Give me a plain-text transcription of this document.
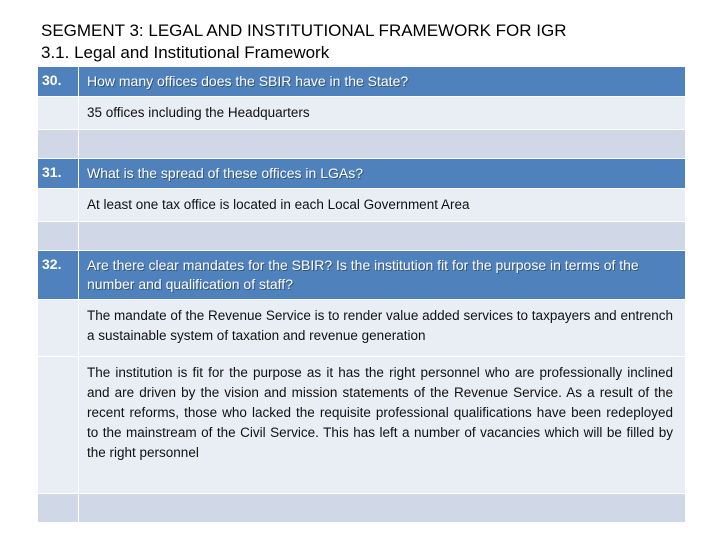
SEGMENT 3: LEGAL AND INSTITUTIONAL FRAMEWORK FOR IGR
3.1. Legal and Institutional Framework
30.	How many offices does the SBIR have in the State?
	35 offices including the Headquarters

31.	What is the spread of these offices in LGAs?
	At least one tax office is located in each Local Government Area

32.	Are there clear mandates for the SBIR? Is the institution fit for the purpose in terms of the number and qualification of staff?
	The mandate of the Revenue Service is to render value added services to taxpayers and entrench a sustainable system of taxation and revenue generation
	The institution is fit for the purpose as it has the right personnel who are professionally inclined and are driven by the vision and mission statements of the Revenue Service. As a result of the recent reforms, those who lacked the requisite professional qualifications have been redeployed to the mainstream of the Civil Service. This has left a number of vacancies which will be filled by the right personnel
